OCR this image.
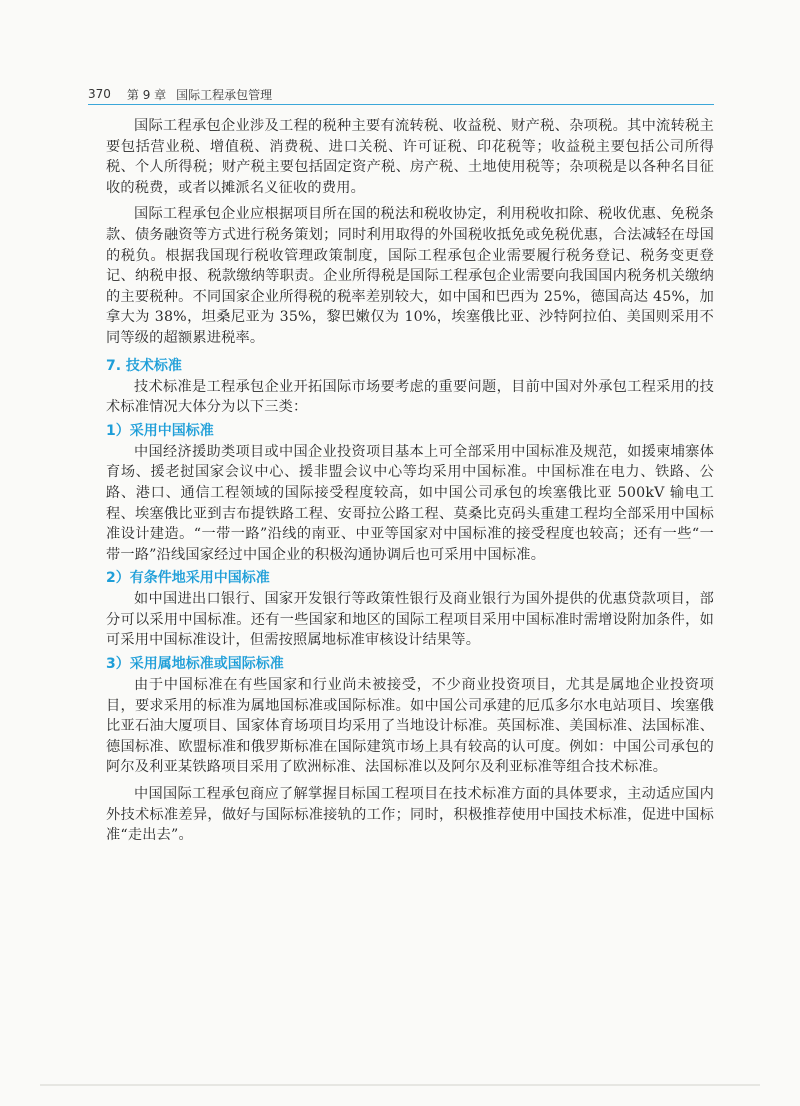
370 第 9 章 国际工程承包管理

国际工程承包企业涉及工程的税种主要有流转税、收益税、财产税、杂项税。其中流转税主要包括营业税、增值税、消费税、进口关税、许可证税、印花税等；收益税主要包括公司所得税、个人所得税；财产税主要包括固定资产税、房产税、土地使用税等；杂项税是以各种名目征收的税费，或者以摊派名义征收的费用。

国际工程承包企业应根据项目所在国的税法和税收协定，利用税收扣除、税收优惠、免税条款、债务融资等方式进行税务策划；同时利用取得的外国税收抵免或免税优惠，合法减轻在母国的税负。根据我国现行税收管理政策制度，国际工程承包企业需要履行税务登记、税务变更登记、纳税申报、税款缴纳等职责。企业所得税是国际工程承包企业需要向我国国内税务机关缴纳的主要税种。不同国家企业所得税的税率差别较大，如中国和巴西为 25%，德国高达 45%，加拿大为 38%，坦桑尼亚为 35%，黎巴嫩仅为 10%，埃塞俄比亚、沙特阿拉伯、美国则采用不同等级的超额累进税率。

7. 技术标准

技术标准是工程承包企业开拓国际市场要考虑的重要问题，目前中国对外承包工程采用的技术标准情况大体分为以下三类：

1）采用中国标准

中国经济援助类项目或中国企业投资项目基本上可全部采用中国标准及规范，如援柬埔寨体育场、援老挝国家会议中心、援非盟会议中心等均采用中国标准。中国标准在电力、铁路、公路、港口、通信工程领域的国际接受程度较高，如中国公司承包的埃塞俄比亚 500kV 输电工程、埃塞俄比亚到吉布提铁路工程、安哥拉公路工程、莫桑比克码头重建工程均全部采用中国标准设计建造。“一带一路”沿线的南亚、中亚等国家对中国标准的接受程度也较高；还有一些“一带一路”沿线国家经过中国企业的积极沟通协调后也可采用中国标准。

2）有条件地采用中国标准

如中国进出口银行、国家开发银行等政策性银行及商业银行为国外提供的优惠贷款项目，部分可以采用中国标准。还有一些国家和地区的国际工程项目采用中国标准时需增设附加条件，如可采用中国标准设计，但需按照属地标准审核设计结果等。

3）采用属地标准或国际标准

由于中国标准在有些国家和行业尚未被接受，不少商业投资项目，尤其是属地企业投资项目，要求采用的标准为属地国标准或国际标准。如中国公司承建的厄瓜多尔水电站项目、埃塞俄比亚石油大厦项目、国家体育场项目均采用了当地设计标准。英国标准、美国标准、法国标准、德国标准、欧盟标准和俄罗斯标准在国际建筑市场上具有较高的认可度。例如：中国公司承包的阿尔及利亚某铁路项目采用了欧洲标准、法国标准以及阿尔及利亚标准等组合技术标准。

中国国际工程承包商应了解掌握目标国工程项目在技术标准方面的具体要求，主动适应国内外技术标准差异，做好与国际标准接轨的工作；同时，积极推荐使用中国技术标准，促进中国标准“走出去”。
